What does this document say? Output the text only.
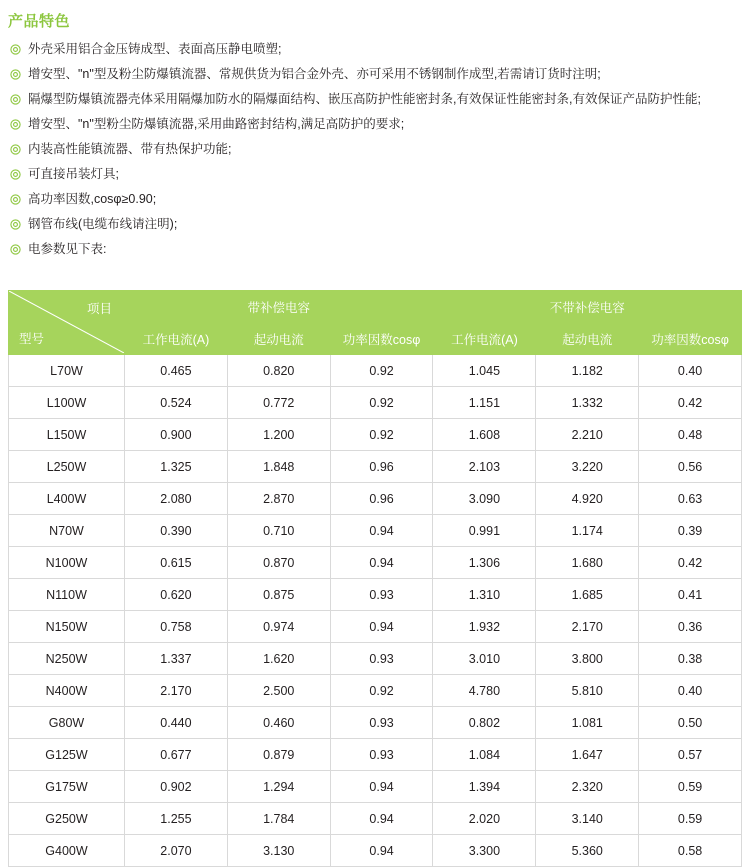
产品特色
外壳采用铝合金压铸成型、表面高压静电喷塑;
增安型、"n"型及粉尘防爆镇流器、常规供货为铝合金外壳、亦可采用不锈钢制作成型,若需请订货时注明;
隔爆型防爆镇流器壳体采用隔爆加防水的隔爆面结构、嵌压高防护性能密封条,有效保证性能密封条,有效保证产品防护性能;
增安型、"n"型粉尘防爆镇流器,采用曲路密封结构,满足高防护的要求;
内装高性能镇流器、带有热保护功能;
可直接吊装灯具;
高功率因数,cosφ≥0.90;
钢管布线(电缆布线请注明);
电参数见下表:
项目
型号	带补偿电容			不带补偿电容		
	工作电流(A)	起动电流	功率因数cosφ	工作电流(A)	起动电流	功率因数cosφ
L70W	0.465	0.820	0.92	1.045	1.182	0.40
L100W	0.524	0.772	0.92	1.151	1.332	0.42
L150W	0.900	1.200	0.92	1.608	2.210	0.48
L250W	1.325	1.848	0.96	2.103	3.220	0.56
L400W	2.080	2.870	0.96	3.090	4.920	0.63
N70W	0.390	0.710	0.94	0.991	1.174	0.39
N100W	0.615	0.870	0.94	1.306	1.680	0.42
N110W	0.620	0.875	0.93	1.310	1.685	0.41
N150W	0.758	0.974	0.94	1.932	2.170	0.36
N250W	1.337	1.620	0.93	3.010	3.800	0.38
N400W	2.170	2.500	0.92	4.780	5.810	0.40
G80W	0.440	0.460	0.93	0.802	1.081	0.50
G125W	0.677	0.879	0.93	1.084	1.647	0.57
G175W	0.902	1.294	0.94	1.394	2.320	0.59
G250W	1.255	1.784	0.94	2.020	3.140	0.59
G400W	2.070	3.130	0.94	3.300	5.360	0.58
